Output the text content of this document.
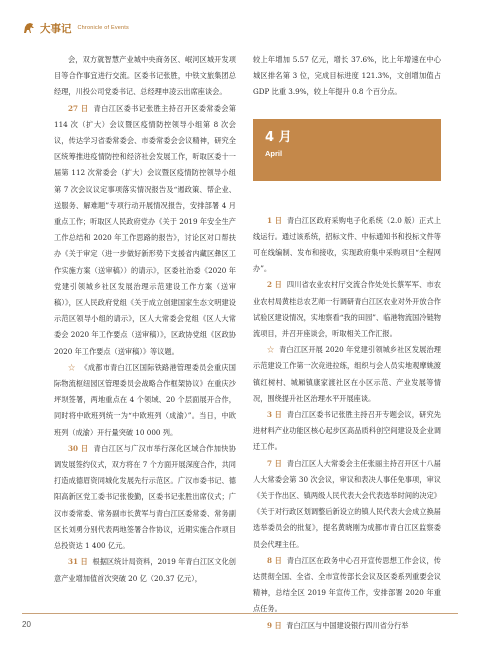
大事记 Chronicle of Events

会，双方就智慧产业城中央商务区、岷河区城开发项目等合作事宜进行交流。区委书记张胜，中铁文旅集团总经理，川投公司党委书记、总经理申凌云出席座谈会。

27 日 青白江区委书记张胜主持召开区委常委会第 114 次（扩大）会议暨区疫情防控领导小组第 8 次会议，传达学习省委常委会、市委常委会会议精神，研究全区统筹推进疫情防控和经济社会发展工作，听取区委十一届第 112 次常委会（扩大）会议暨区疫情防控领导小组第 7 次会议议定事项落实情况报告及“遏政策、帮企业、送服务、解难题”专项行动开展情况报告，安排部署 4 月重点工作；听取区人民政府党办《关于 2019 年安全生产工作总结和 2020 年工作思路的报告》，讨论区对口帮扶办《关于审定（进一步做好新形势下支援省内藏区彝区工作实施方案（送审稿））的请示》，区委社治委《2020 年党建引领城乡社区发展治理示范建设工作方案（送审稿）》，区人民政府党组《关于成立创建国家生态文明建设示范区领导小组的请示》，区人大常委会党组《区人大常委会 2020 年工作要点（送审稿）》，区政协党组《区政协 2020 年工作要点（送审稿）》等议题。

☆ 《成都市青白江区国际铁路港管理委员会重庆国际物流枢纽园区管理委员会战略合作框架协议》在重庆沙坪坝签署，两地重点在 4 个领域、20 个层面展开合作，同时将中欧班列统一为“中欧班列（成渝）”。当日，中欧班列（成渝）开行量突破 10 000 列。

30 日 青白江区与广汉市举行深化区域合作加快协调发展签约仪式，双方将在 7 个方面开展深度合作，共同打造成德眉资同城化发展先行示范区。广汉市委书记、德阳高新区党工委书记张俊勤，区委书记张胜出席仪式；广汉市委常委、常务副市长黄军与青白江区委常委、常务副区长刘勇分别代表两地签署合作协议，近期实施合作项目总投资达 1 400 亿元。

31 日 根据区统计局资料，2019 年青白江区文化创意产业增加值首次突破 20 亿（20.37 亿元），

较上年增加 5.57 亿元，增长 37.6%，比上年增速在中心城区排名第 3 位，完成目标进度 121.3%，文创增加值占 GDP 比重 3.9%，较上年提升 0.8 个百分点。

4 月
April

1 日 青白江区政府采购电子化系统（2.0 版）正式上线运行。通过该系统，招标文件、中标通知书和投标文件等可在线编制、发布和接收，实现政府集中采购项目“全程网办”。

2 日 四川省农业农村厅交流合作处处长蔡军军、市农业农村局黄桂总农艺师一行调研青白江区农业对外开放合作试验区建设情况，实地察看“我的田园”、临港物流国冷链物流项目，并召开座谈会，听取相关工作汇报。

☆ 青白江区开展 2020 年党建引领城乡社区发展治理示范建设工作第一次竞进拉练，组织与会人员实地观摩姚渡镇红树村、城厢镇康家渡社区在小区示范、产业发展等情况，围绕提升社区治理水平开展座谈。

3 日 青白江区委书记张胜主持召开专题会议，研究先进材料产业功能区核心起步区高品质科创空间建设及企业调迁工作。

7 日 青白江区人大常委会主任张丽主持召开区十八届人大常委会第 30 次会议，审议和表决人事任免事项，审议《关于作出区、镇两级人民代表大会代表选举时间的决定》《关于对行政区划调整后新设立的镇人民代表大会成立换届选举委员会的批复》，提名黄晓刚为成都市青白江区监察委员会代理主任。

8 日 青白江区在政务中心召开宣传思想工作会议，传达贯彻全国、全省、全市宣传部长会议及区委系列重要会议精神，总结全区 2019 年宣传工作，安排部署 2020 年重点任务。

9 日 青白江区与中国建设银行四川省分行举

20
